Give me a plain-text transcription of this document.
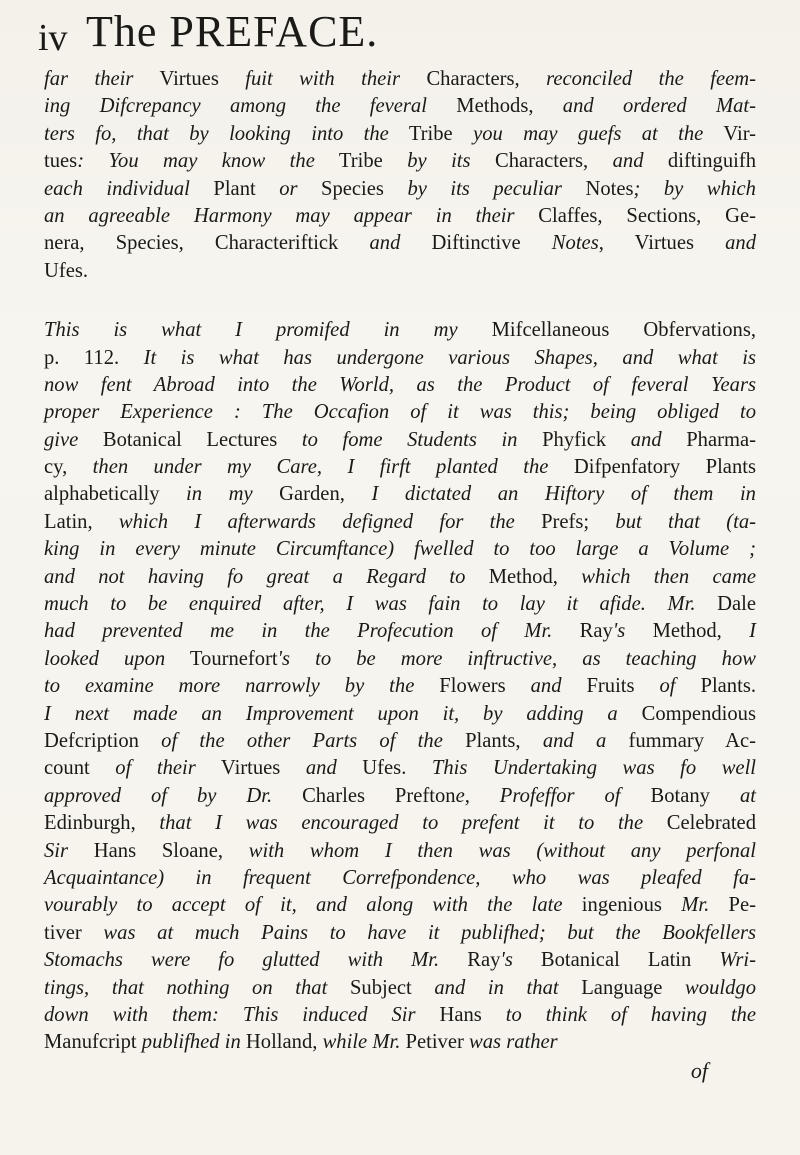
iv The PREFACE.
far their Virtues fuit with their Characters, reconciled the feem-
ing Difcrepancy among the feveral Methods, and ordered Mat-
ters fo, that by looking into the Tribe you may guefs at the Vir-
tues: You may know the Tribe by its Characters, and diftinguifh
each individual Plant or Species by its peculiar Notes; by which
an agreeable Harmony may appear in their Claffes, Sections, Ge-
nera, Species, Characteriftick and Diftinctive Notes, Virtues and
Ufes.
This is what I promifed in my Mifcellaneous Obfervations,
p. 112. It is what has undergone various Shapes, and what is
now fent Abroad into the World, as the Product of feveral Years
proper Experience : The Occafion of it was this; being obliged to
give Botanical Lectures to fome Students in Phyfick and Pharma-
cy, then under my Care, I firft planted the Difpenfatory Plants
alphabetically in my Garden, I dictated an Hiftory of them in
Latin, which I afterwards defigned for the Prefs; but that (ta-
king in every minute Circumftance) fwelled to too large a Volume ;
and not having fo great a Regard to Method, which then came
much to be enquired after, I was fain to lay it afide. Mr. Dale
had prevented me in the Profecution of Mr. Ray's Method, I
looked upon Tournefort's to be more inftructive, as teaching how
to examine more narrowly by the Flowers and Fruits of Plants.
I next made an Improvement upon it, by adding a Compendious
Defcription of the other Parts of the Plants, and a fummary Ac-
count of their Virtues and Ufes. This Undertaking was fo well
approved of by Dr. Charles Preftone, Profeffor of Botany at
Edinburgh, that I was encouraged to prefent it to the Celebrated
Sir Hans Sloane, with whom I then was (without any perfonal
Acquaintance) in frequent Correfpondence, who was pleafed fa-
vourably to accept of it, and along with the late ingenious Mr. Pe-
tiver was at much Pains to have it publifhed; but the Bookfellers
Stomachs were fo glutted with Mr. Ray's Botanical Latin Wri-
tings, that nothing on that Subject and in that Language wouldgo
down with them: This induced Sir Hans to think of having the
Manufcript publifhed in Holland, while Mr. Petiver was rather
of
